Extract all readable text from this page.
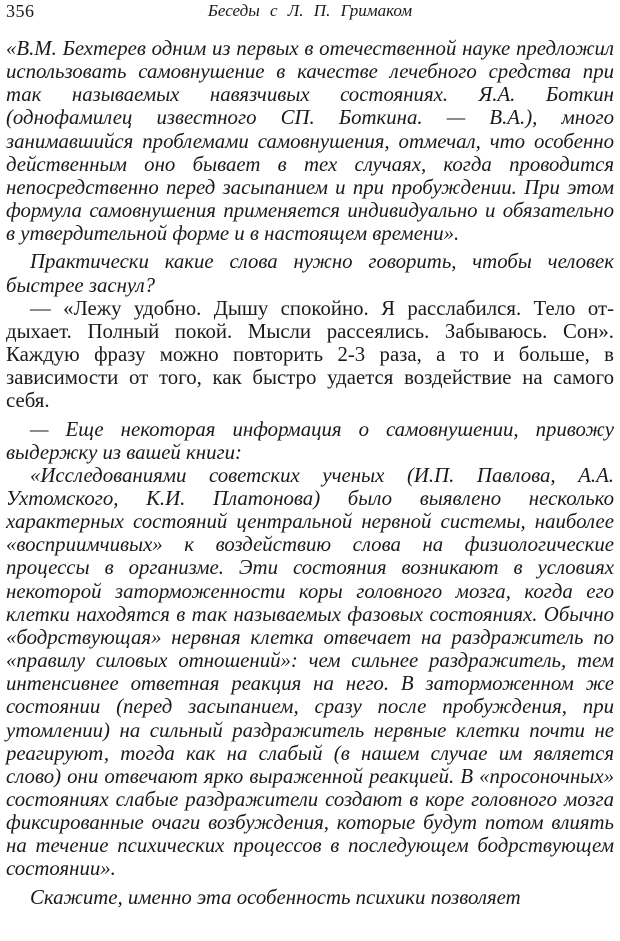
356	Беседы с Л. П. Гримаком

«В.М. Бехтерев одним из первых в отечественной науке предложил использовать самовнушение в качестве лечебного средства при так называемых навязчивых состояниях. Я.А. Боткин (однофамилец известного СП. Боткина. — В.А.), много занимавшийся проблемами самовнушения, отмечал, что особенно действенным оно бывает в тех случаях, когда проводится непосредственно перед засыпанием и при пробуждении. При этом формула самовнушения применяется индивидуально и обязательно в утвердительной форме и в настоящем времени».

Практически какие слова нужно говорить, чтобы человек быстрее заснул?

— «Лежу удобно. Дышу спокойно. Я расслабился. Тело отдыхает. Полный покой. Мысли рассеялись. Забываюсь. Сон». Каждую фразу можно повторить 2-3 раза, а то и больше, в зависимости от того, как быстро удается воздействие на самого себя.

— Еще некоторая информация о самовнушении, привожу выдержку из вашей книги:

«Исследованиями советских ученых (И.П. Павлова, А.А. Ухтомского, К.И. Платонова) было выявлено несколько характерных состояний центральной нервной системы, наиболее «восприимчивых» к воздействию слова на физиологические процессы в организме. Эти состояния возникают в условиях некоторой заторможенности коры головного мозга, когда его клетки находятся в так называемых фазовых состояниях. Обычно «бодрствующая» нервная клетка отвечает на раздражитель по «правилу силовых отношений»: чем сильнее раздражитель, тем интенсивнее ответная реакция на него. В заторможенном же состоянии (перед засыпанием, сразу после пробуждения, при утомлении) на сильный раздражитель нервные клетки почти не реагируют, тогда как на слабый (в нашем случае им является слово) они отвечают ярко выраженной реакцией. В «просоночных» состояниях слабые раздражители создают в коре головного мозга фиксированные очаги возбуждения, которые будут потом влиять на течение психических процессов в последующем бодрствующем состоянии».

Скажите, именно эта особенность психики позволяет
